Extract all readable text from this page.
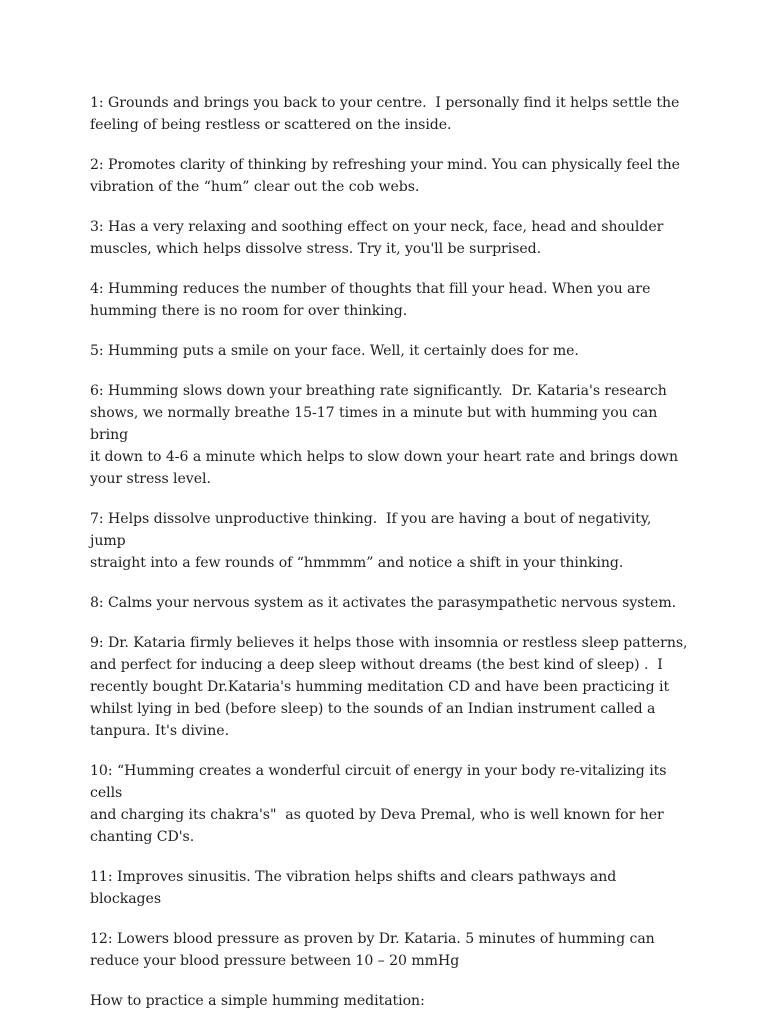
1: Grounds and brings you back to your centre.  I personally find it helps settle the
feeling of being restless or scattered on the inside.

2: Promotes clarity of thinking by refreshing your mind. You can physically feel the
vibration of the “hum” clear out the cob webs.

3: Has a very relaxing and soothing effect on your neck, face, head and shoulder
muscles, which helps dissolve stress. Try it, you'll be surprised.

4: Humming reduces the number of thoughts that fill your head. When you are
humming there is no room for over thinking.

5: Humming puts a smile on your face. Well, it certainly does for me.

6: Humming slows down your breathing rate significantly.  Dr. Kataria's research
shows, we normally breathe 15-17 times in a minute but with humming you can bring
it down to 4-6 a minute which helps to slow down your heart rate and brings down
your stress level.

7: Helps dissolve unproductive thinking.  If you are having a bout of negativity, jump
straight into a few rounds of “hmmmm” and notice a shift in your thinking.

8: Calms your nervous system as it activates the parasympathetic nervous system.

9: Dr. Kataria firmly believes it helps those with insomnia or restless sleep patterns,
and perfect for inducing a deep sleep without dreams (the best kind of sleep) .  I
recently bought Dr.Kataria's humming meditation CD and have been practicing it
whilst lying in bed (before sleep) to the sounds of an Indian instrument called a
tanpura. It's divine.

10: “Humming creates a wonderful circuit of energy in your body re-vitalizing its cells
and charging its chakra's"  as quoted by Deva Premal, who is well known for her
chanting CD's.

11: Improves sinusitis. The vibration helps shifts and clears pathways and blockages

12: Lowers blood pressure as proven by Dr. Kataria. 5 minutes of humming can
reduce your blood pressure between 10 – 20 mmHg

How to practice a simple humming meditation:
